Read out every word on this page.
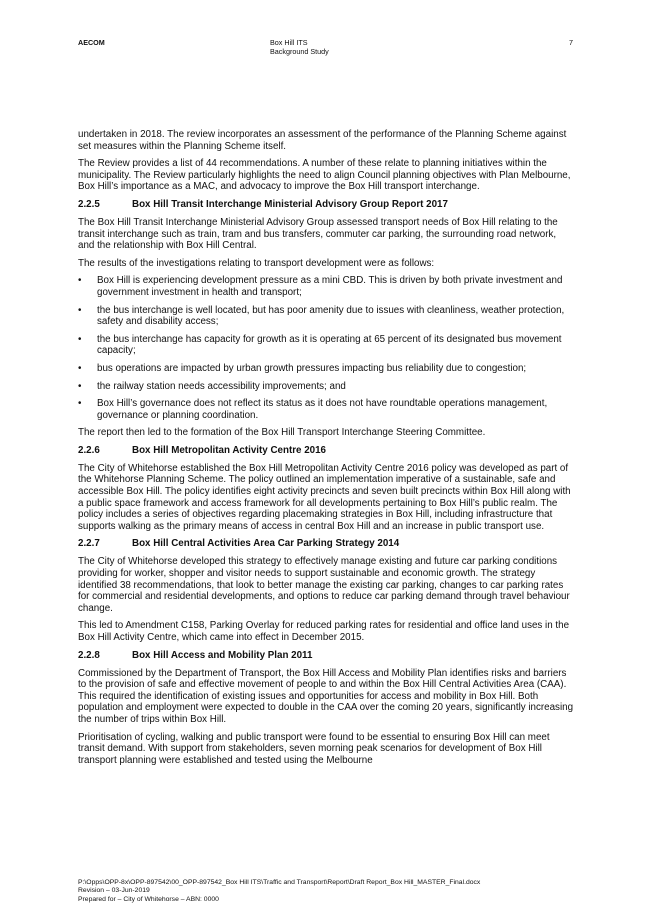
AECOM	Box Hill ITS
Background Study
7

undertaken in 2018. The review incorporates an assessment of the performance of the Planning Scheme against set measures within the Planning Scheme itself.

The Review provides a list of 44 recommendations. A number of these relate to planning initiatives within the municipality. The Review particularly highlights the need to align Council planning objectives with Plan Melbourne, Box Hill’s importance as a MAC, and advocacy to improve the Box Hill transport interchange.

2.2.5	Box Hill Transit Interchange Ministerial Advisory Group Report 2017

The Box Hill Transit Interchange Ministerial Advisory Group assessed transport needs of Box Hill relating to the transit interchange such as train, tram and bus transfers, commuter car parking, the surrounding road network, and the relationship with Box Hill Central.

The results of the investigations relating to transport development were as follows:

• Box Hill is experiencing development pressure as a mini CBD. This is driven by both private investment and government investment in health and transport;
• the bus interchange is well located, but has poor amenity due to issues with cleanliness, weather protection, safety and disability access;
• the bus interchange has capacity for growth as it is operating at 65 percent of its designated bus movement capacity;
• bus operations are impacted by urban growth pressures impacting bus reliability due to congestion;
• the railway station needs accessibility improvements; and
• Box Hill’s governance does not reflect its status as it does not have roundtable operations management, governance or planning coordination.

The report then led to the formation of the Box Hill Transport Interchange Steering Committee.

2.2.6	Box Hill Metropolitan Activity Centre 2016

The City of Whitehorse established the Box Hill Metropolitan Activity Centre 2016 policy was developed as part of the Whitehorse Planning Scheme. The policy outlined an implementation imperative of a sustainable, safe and accessible Box Hill. The policy identifies eight activity precincts and seven built precincts within Box Hill along with a public space framework and access framework for all developments pertaining to Box Hill’s public realm. The policy includes a series of objectives regarding placemaking strategies in Box Hill, including infrastructure that supports walking as the primary means of access in central Box Hill and an increase in public transport use.

2.2.7	Box Hill Central Activities Area Car Parking Strategy 2014

The City of Whitehorse developed this strategy to effectively manage existing and future car parking conditions providing for worker, shopper and visitor needs to support sustainable and economic growth. The strategy identified 38 recommendations, that look to better manage the existing car parking, changes to car parking rates for commercial and residential developments, and options to reduce car parking demand through travel behaviour change.

This led to Amendment C158, Parking Overlay for reduced parking rates for residential and office land uses in the Box Hill Activity Centre, which came into effect in December 2015.

2.2.8	Box Hill Access and Mobility Plan 2011

Commissioned by the Department of Transport, the Box Hill Access and Mobility Plan identifies risks and barriers to the provision of safe and effective movement of people to and within the Box Hill Central Activities Area (CAA). This required the identification of existing issues and opportunities for access and mobility in Box Hill. Both population and employment were expected to double in the CAA over the coming 20 years, significantly increasing the number of trips within Box Hill.

Prioritisation of cycling, walking and public transport were found to be essential to ensuring Box Hill can meet transit demand. With support from stakeholders, seven morning peak scenarios for development of Box Hill transport planning were established and tested using the Melbourne

P:\Opps\OPP-8x\OPP-897542\00_OPP-897542_Box Hill ITS\Traffic and Transport\Report\Draft Report_Box Hill_MASTER_Final.docx
Revision – 03-Jun-2019
Prepared for – City of Whitehorse – ABN: 0000
